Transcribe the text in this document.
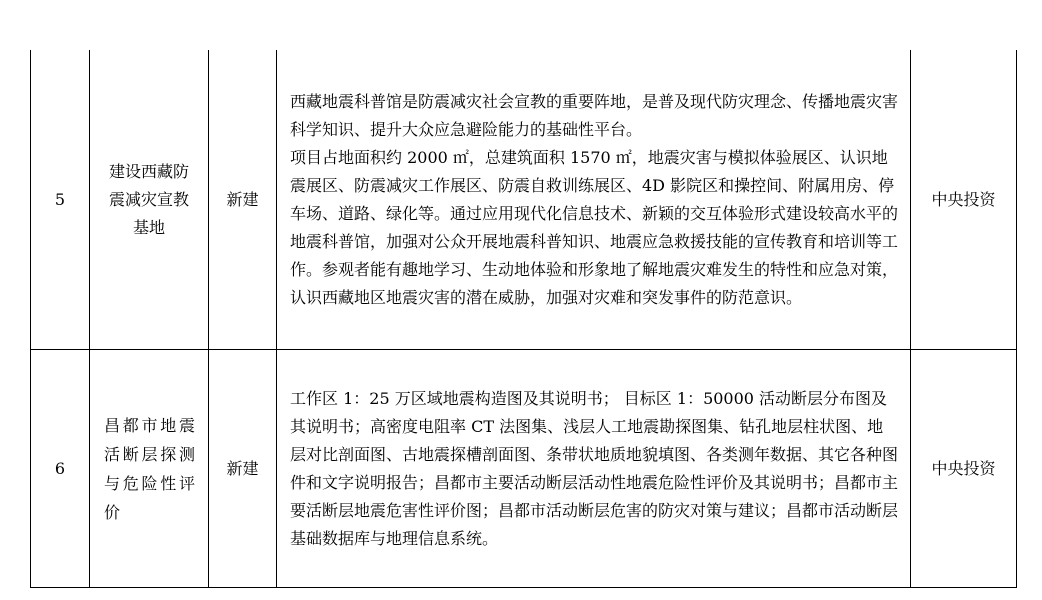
5	建设西藏防震减灾宣教基地	新建	西藏地震科普馆是防震减灾社会宣教的重要阵地，是普及现代防灾理念、传播地震灾害科学知识、提升大众应急避险能力的基础性平台。

项目占地面积约 2000 ㎡，总建筑面积 1570 ㎡，地震灾害与模拟体验展区、认识地震展区、防震减灾工作展区、防震自救训练展区、4D 影院区和操控间、附属用房、停车场、道路、绿化等。通过应用现代化信息技术、新颖的交互体验形式建设较高水平的地震科普馆，加强对公众开展地震科普知识、地震应急救援技能的宣传教育和培训等工作。参观者能有趣地学习、生动地体验和形象地了解地震灾难发生的特性和应急对策，认识西藏地区地震灾害的潜在威胁，加强对灾难和突发事件的防范意识。	中央投资
6	昌都市地震活断层探测与危险性评价	新建	工作区 1：25 万区域地震构造图及其说明书； 目标区 1：50000 活动断层分布图及其说明书；高密度电阻率 CT 法图集、浅层人工地震勘探图集、钻孔地层柱状图、地层对比剖面图、古地震探槽剖面图、条带状地质地貌填图、各类测年数据、其它各种图件和文字说明报告；昌都市主要活动断层活动性地震危险性评价及其说明书；昌都市主要活断层地震危害性评价图；昌都市活动断层危害的防灾对策与建议；昌都市活动断层基础数据库与地理信息系统。	中央投资
